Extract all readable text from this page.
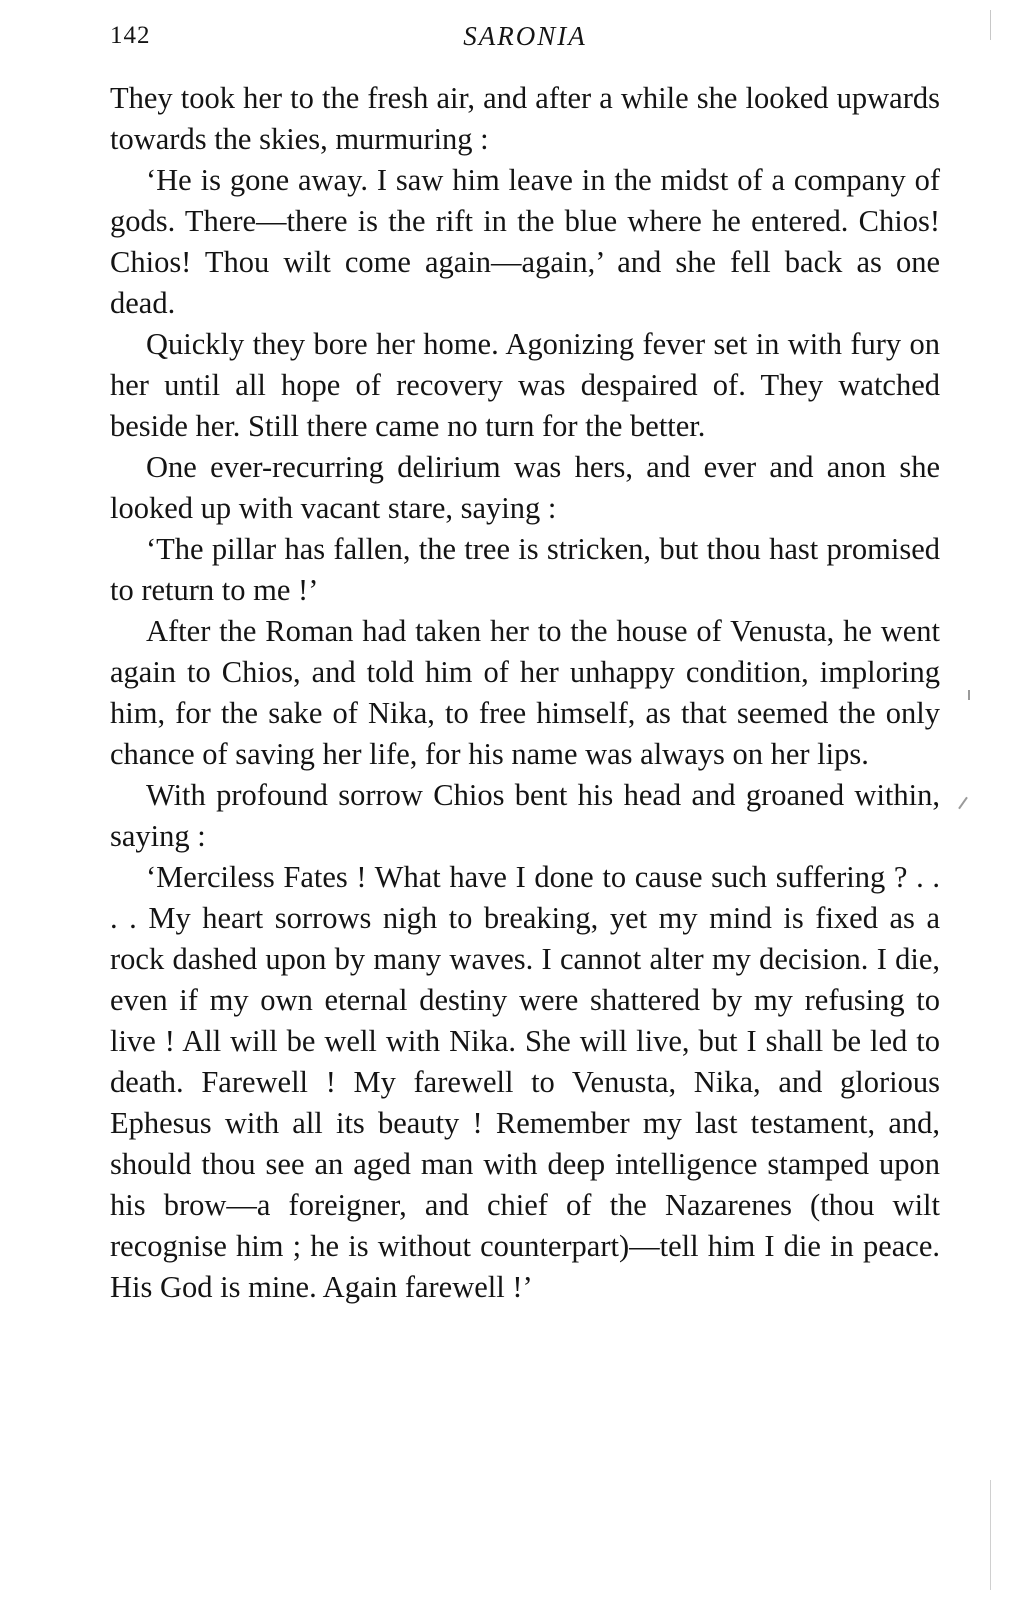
142	SARONIA

They took her to the fresh air, and after a while she looked upwards towards the skies, murmuring :

‘He is gone away. I saw him leave in the midst of a company of gods. There—there is the rift in the blue where he entered. Chios! Chios! Thou wilt come again—again,’ and she fell back as one dead.

Quickly they bore her home. Agonizing fever set in with fury on her until all hope of recovery was despaired of. They watched beside her. Still there came no turn for the better.

One ever-recurring delirium was hers, and ever and anon she looked up with vacant stare, saying :

‘The pillar has fallen, the tree is stricken, but thou hast promised to return to me !’

After the Roman had taken her to the house of Venusta, he went again to Chios, and told him of her unhappy condition, imploring him, for the sake of Nika, to free himself, as that seemed the only chance of saving her life, for his name was always on her lips.

With profound sorrow Chios bent his head and groaned within, saying :

‘Merciless Fates ! What have I done to cause such suffering ? . . . . My heart sorrows nigh to breaking, yet my mind is fixed as a rock dashed upon by many waves. I cannot alter my decision. I die, even if my own eternal destiny were shattered by my refusing to live ! All will be well with Nika. She will live, but I shall be led to death. Farewell ! My farewell to Venusta, Nika, and glorious Ephesus with all its beauty ! Remember my last testament, and, should thou see an aged man with deep intelligence stamped upon his brow—a foreigner, and chief of the Nazarenes (thou wilt recognise him ; he is without counterpart)—tell him I die in peace. His God is mine. Again farewell !’
